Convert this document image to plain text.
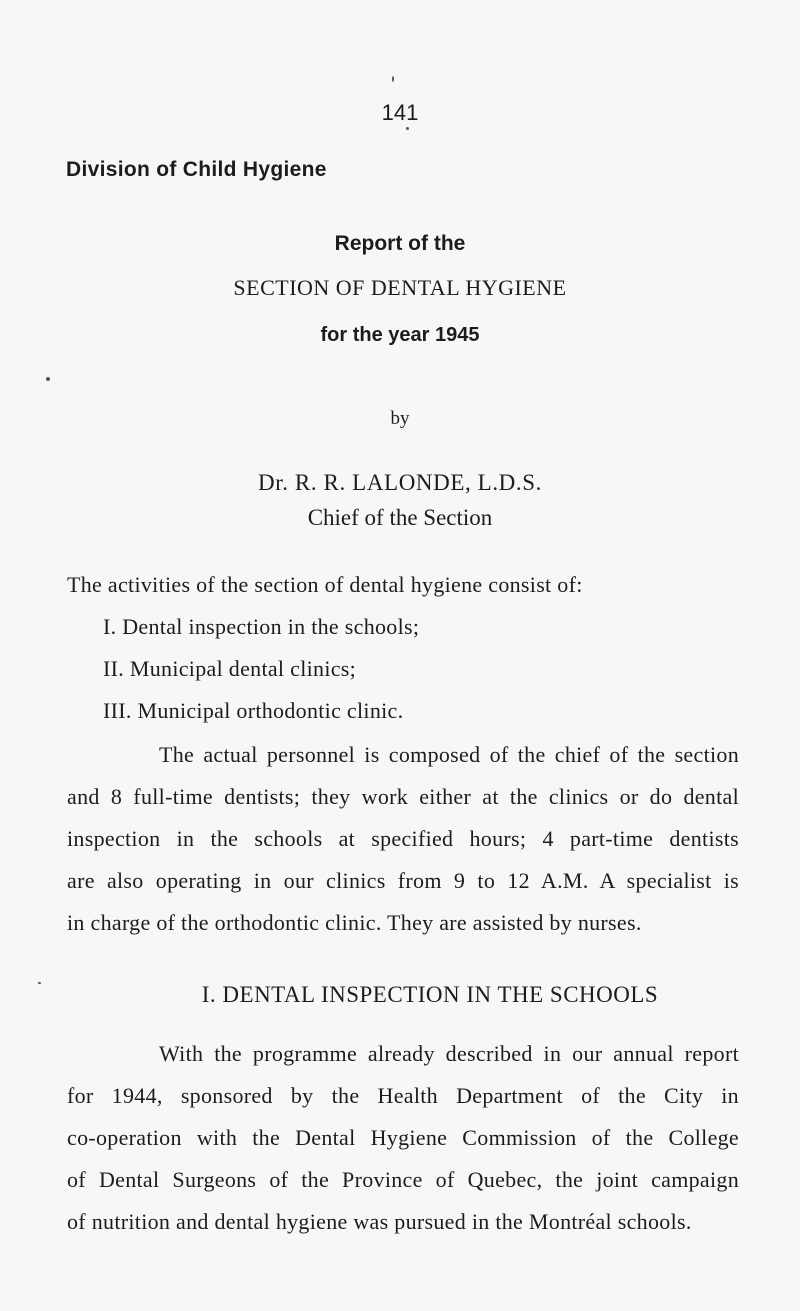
141

Division of Child Hygiene

Report of the

SECTION OF DENTAL HYGIENE

for the year 1945

by

Dr. R. R. LALONDE, L.D.S.

Chief of the Section

The activities of the section of dental hygiene consist of:

I. Dental inspection in the schools;

II. Municipal dental clinics;

III. Municipal orthodontic clinic.

The actual personnel is composed of the chief of the section
and 8 full-time dentists; they work either at the clinics or do dental
inspection in the schools at specified hours; 4 part-time dentists
are also operating in our clinics from 9 to 12 A.M. A specialist is
in charge of the orthodontic clinic. They are assisted by nurses.

I. DENTAL INSPECTION IN THE SCHOOLS

With the programme already described in our annual report
for 1944, sponsored by the Health Department of the City in
co-operation with the Dental Hygiene Commission of the College
of Dental Surgeons of the Province of Quebec, the joint campaign
of nutrition and dental hygiene was pursued in the Montréal schools.
